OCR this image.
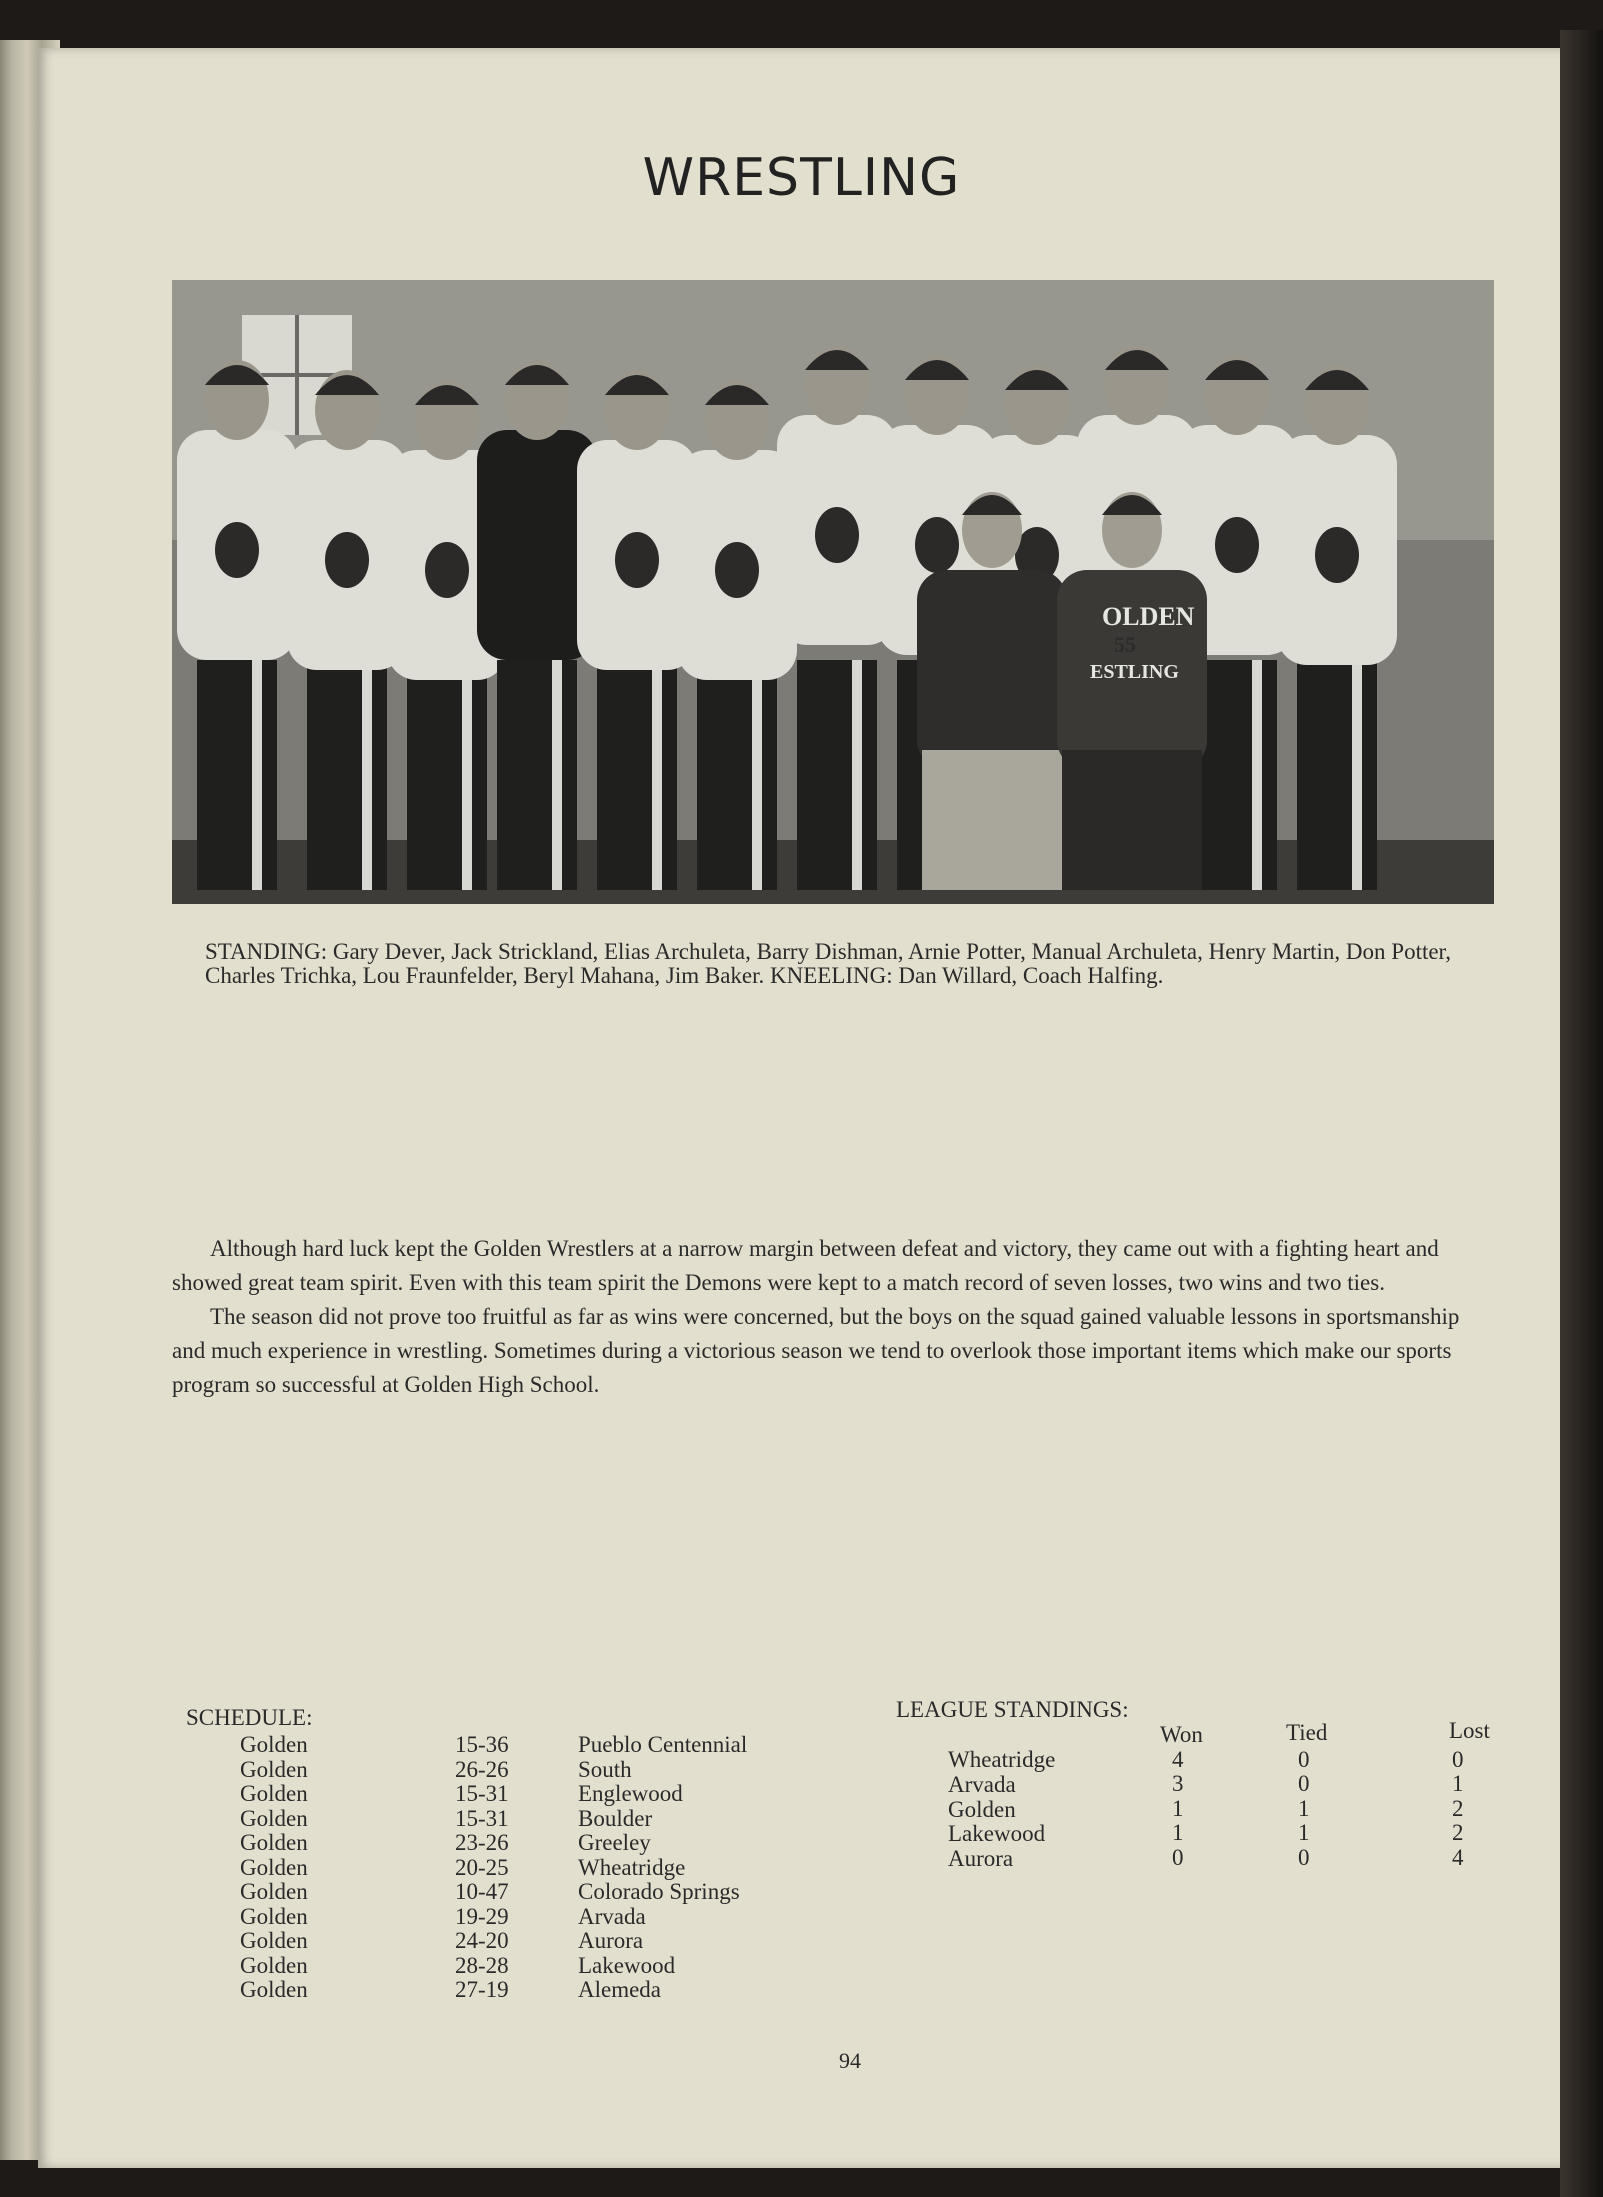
WRESTLING
OLDEN
55
ESTLING
STANDING: Gary Dever, Jack Strickland, Elias Archuleta, Barry Dishman, Arnie Potter, Manual Archuleta, Henry Martin, Don Potter, Charles Trichka, Lou Fraunfelder, Beryl Mahana, Jim Baker. KNEELING: Dan Willard, Coach Halfing.

Although hard luck kept the Golden Wrestlers at a narrow margin between defeat and victory, they came out with a fighting heart and showed great team spirit. Even with this team spirit the Demons were kept to a match record of seven losses, two wins and two ties.

The season did not prove too fruitful as far as wins were concerned, but the boys on the squad gained valuable lessons in sportsmanship and much experience in wrestling. Sometimes during a victorious season we tend to overlook those important items which make our sports program so successful at Golden High School.

SCHEDULE:
Golden	15-36	Pueblo Centennial
Golden	26-26	South
Golden	15-31	Englewood
Golden	15-31	Boulder
Golden	23-26	Greeley
Golden	20-25	Wheatridge
Golden	10-47	Colorado Springs
Golden	19-29	Arvada
Golden	24-20	Aurora
Golden	28-28	Lakewood
Golden	27-19	Alemeda
LEAGUE STANDINGS:
Won	Tied	Lost
Wheatridge	4	0	0
Arvada	3	0	1
Golden	1	1	2
Lakewood	1	1	2
Aurora	0	0	4
94
